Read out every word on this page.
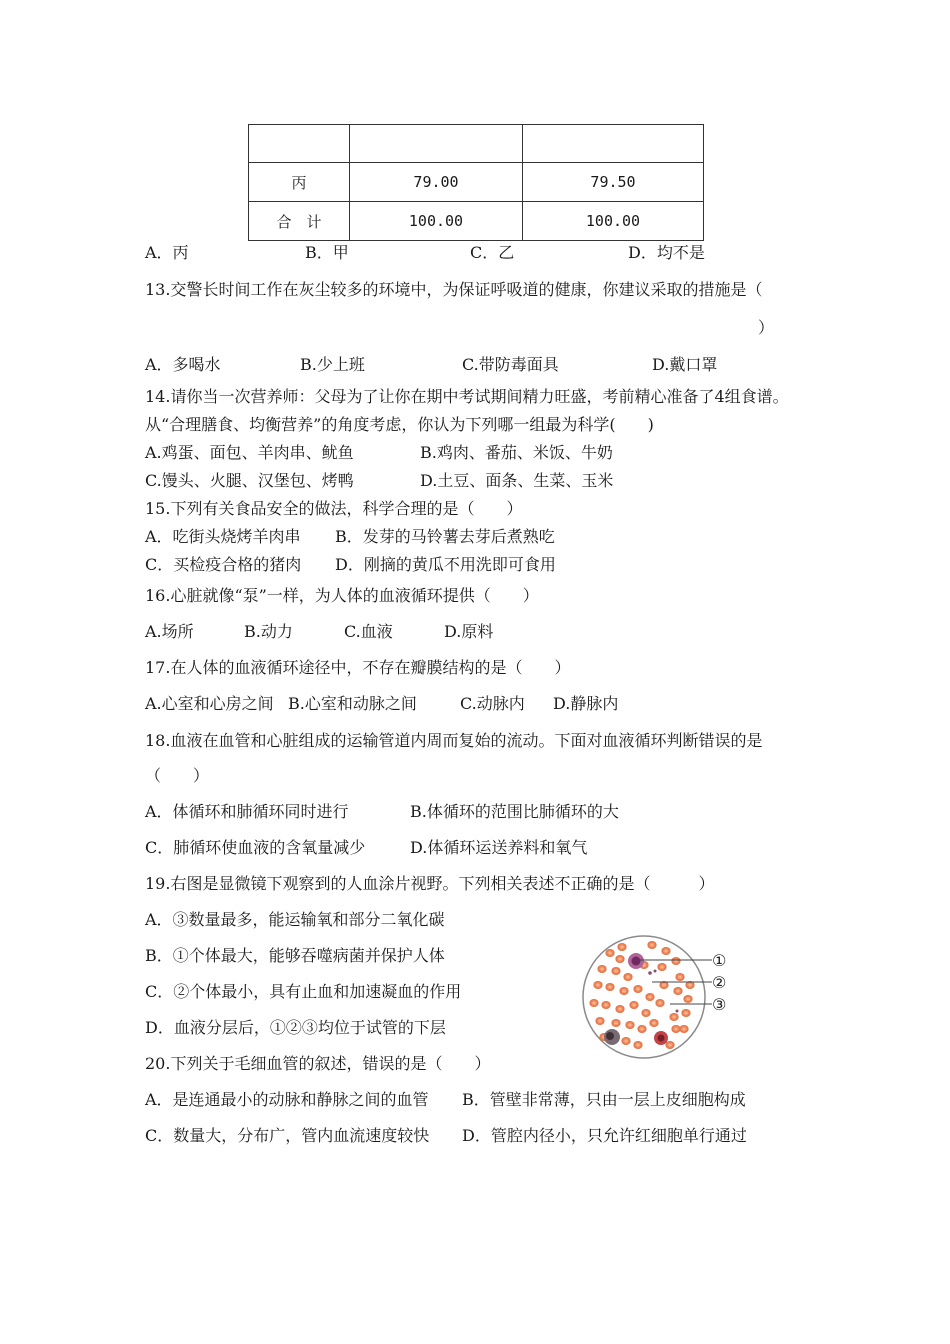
丙	79.00	79.50
合　计	100.00	100.00
A．丙	B．甲	C．乙	D．均不是
13.交警长时间工作在灰尘较多的环境中，为保证呼吸道的健康，你建议采取的措施是（
）
A．多喝水	B.少上班	C.带防毒面具	D.戴口罩
14.请你当一次营养师：父母为了让你在期中考试期间精力旺盛，考前精心准备了4组食谱。
从“合理膳食、均衡营养”的角度考虑，你认为下列哪一组最为科学(　　)
A.鸡蛋、面包、羊肉串、鱿鱼	B.鸡肉、番茄、米饭、牛奶
C.馒头、火腿、汉堡包、烤鸭	D.土豆、面条、生菜、玉米
15.下列有关食品安全的做法，科学合理的是（　　）
A．吃街头烧烤羊肉串 B．发芽的马铃薯去芽后煮熟吃
C．买检疫合格的猪肉 D．刚摘的黄瓜不用洗即可食用
16.心脏就像“泵”一样，为人体的血液循环提供（　　）
A.场所	B.动力	C.血液	D.原料
17.在人体的血液循环途径中，不存在瓣膜结构的是（　　）
A.心室和心房之间 B.心室和动脉之间	C.动脉内 D.静脉内
18.血液在血管和心脏组成的运输管道内周而复始的流动。下面对血液循环判断错误的是
（　　）
A．体循环和肺循环同时进行	B.体循环的范围比肺循环的大
C．肺循环使血液的含氧量减少	D.体循环运送养料和氧气
19.右图是显微镜下观察到的人血涂片视野。下列相关表述不正确的是（　　　）
A．③数量最多，能运输氧和部分二氧化碳
B．①个体最大，能够吞噬病菌并保护人体
C．②个体最小，具有止血和加速凝血的作用
D．血液分层后，①②③均位于试管的下层
①
②
③
20.下列关于毛细血管的叙述，错误的是（　　）
A．是连通最小的动脉和静脉之间的血管 B．管壁非常薄，只由一层上皮细胞构成
C．数量大，分布广，管内血流速度较快 D．管腔内径小，只允许红细胞单行通过
